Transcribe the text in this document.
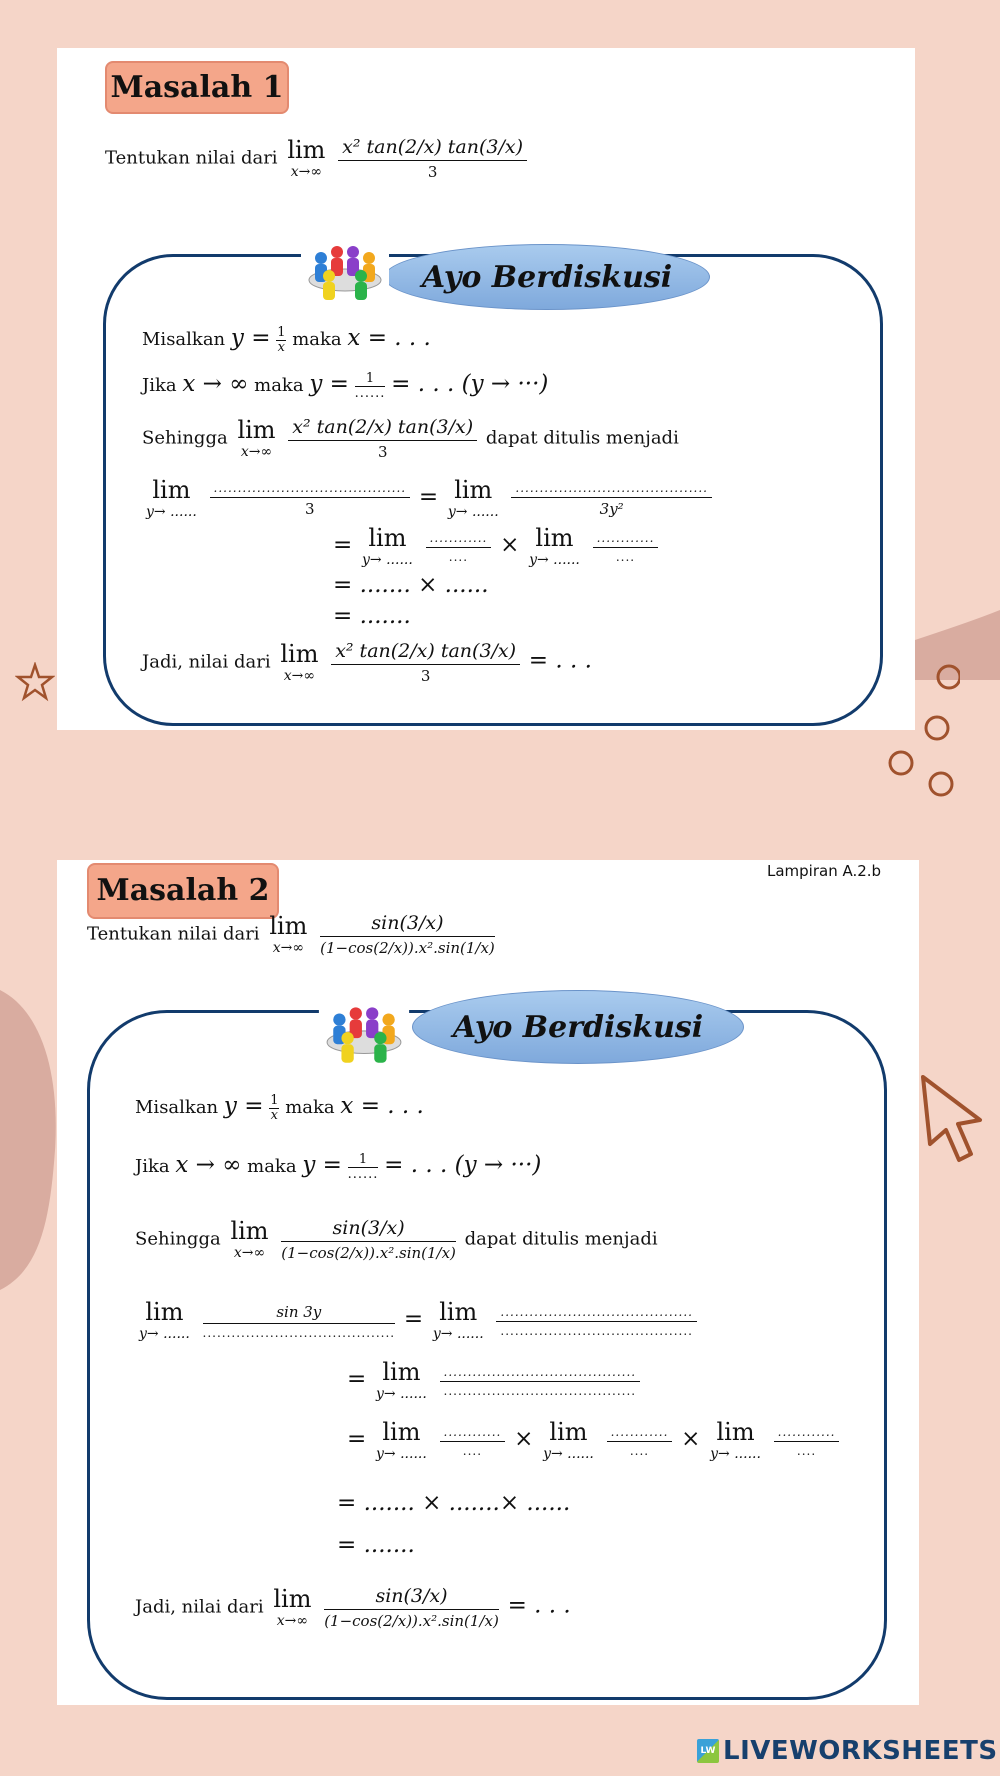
Masalah 1
Tentukan nilai dari lim
$x\to\infty \frac{\text{x² tan(2/x) tan(3/x)}}{3}$
Ayo Berdiskusi
Misalkan $y = \frac{1}{x}$ maka x = . . .
Jika x → ∞ maka y =	1
...... = . . . (y → ···)
Sehingga lim
$x\to\infty \frac{\text{x² tan(2/x) tan(3/x)}}{3}$ dapat ditulis menjadi
lim
y→ ...... $\frac{........................................}{3} = \lim$
y→ ...... $\frac{........................................}{\text{3y²}}$
= lim
y→ ...... $\frac{............}{....} \times \lim$
y→ ...... $\frac{............}{....}$
= ....... × ......
= .......
Jadi, nilai dari lim
$x\to\infty \frac{\text{x² tan(2/x) tan(3/x)}}{3}$ = . . .
Masalah 2
Lampiran A.2.b
Tentukan nilai dari lim
$x\to\infty \frac{\sin(3/x)}{\text{(1−cos(2/x)).x².sin(1/x)}}$
Ayo Berdiskusi
Misalkan $y = \frac{1}{x}$ maka x = . . .
Jika x → ∞ maka y =	1
...... = . . . (y → ···)
Sehingga lim
$x\to\infty \frac{\sin(3/x)}{\text{(1−cos(2/x)).x².sin(1/x)}}$ dapat ditulis menjadi
lim
y→ ...... $\frac{\sin 3y}{........................................} = \lim$
y→ ...... $\frac{........................................}{........................................}$
= lim
y→ ...... $\frac{........................................}{........................................}$
= lim
y→ ...... $\frac{............}{....} \times \lim$
y→ ...... $\frac{............}{....} \times \lim$
y→ ...... $\frac{............}{....}$
= ....... × .......× ......
= .......
Jadi, nilai dari lim
$x\to\infty \frac{\sin(3/x)}{\text{(1−cos(2/x)).x².sin(1/x)}}$ = . . .
LW LIVEWORKSHEETS
